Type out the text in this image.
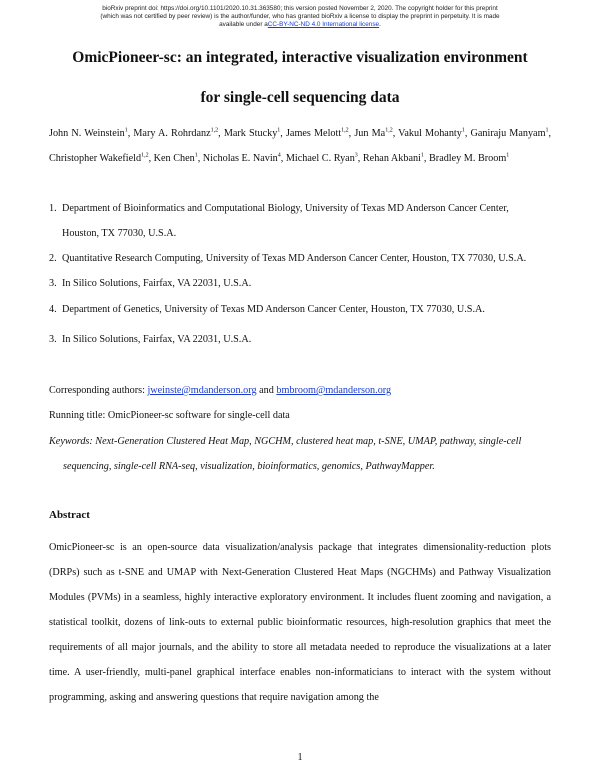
bioRxiv preprint doi: https://doi.org/10.1101/2020.10.31.363580; this version posted November 2, 2020. The copyright holder for this preprint
(which was not certified by peer review) is the author/funder, who has granted bioRxiv a license to display the preprint in perpetuity. It is made
available under aCC-BY-NC-ND 4.0 International license.
OmicPioneer-sc: an integrated, interactive visualization environment
for single-cell sequencing data
John N. Weinstein$^1$, Mary A. Rohrdanz$^{1,2}$, Mark Stucky$^1$, James Melott$^{1,2}$, Jun Ma$^{1,2}$, Vakul Mohanty$^1$, Ganiraju Manyam$^1$, Christopher Wakefield$^{1,2}$, Ken Chen$^1$, Nicholas E. Navin$^4$, Michael C. Ryan$^3$, Rehan Akbani$^1$, Bradley M. Broom$^1$
1. Department of Bioinformatics and Computational Biology, University of Texas MD Anderson Cancer Center,
Houston, TX 77030, U.S.A.
2. Quantitative Research Computing, University of Texas MD Anderson Cancer Center, Houston, TX 77030, U.S.A.
3. In Silico Solutions, Fairfax, VA 22031, U.S.A.
4. Department of Genetics, University of Texas MD Anderson Cancer Center, Houston, TX 77030, U.S.A.
3. In Silico Solutions, Fairfax, VA 22031, U.S.A.
Corresponding authors: jweinste@mdanderson.org and bmbroom@mdanderson.org
Running title: OmicPioneer-sc software for single-cell data
Keywords: Next-Generation Clustered Heat Map, NGCHM, clustered heat map, t-SNE, UMAP, pathway, single-cell
sequencing, single-cell RNA-seq, visualization, bioinformatics, genomics, PathwayMapper.
Abstract
OmicPioneer-sc is an open-source data visualization/analysis package that integrates dimensionality-reduction plots (DRPs) such as t-SNE and UMAP with Next-Generation Clustered Heat Maps (NGCHMs) and Pathway Visualization Modules (PVMs) in a seamless, highly interactive exploratory environment. It includes fluent zooming and navigation, a statistical toolkit, dozens of link-outs to external public bioinformatic resources, high-resolution graphics that meet the requirements of all major journals, and the ability to store all metadata needed to reproduce the visualizations at a later time. A user-friendly, multi-panel graphical interface enables non-informaticians to interact with the system without programming, asking and answering questions that require navigation among the
1
